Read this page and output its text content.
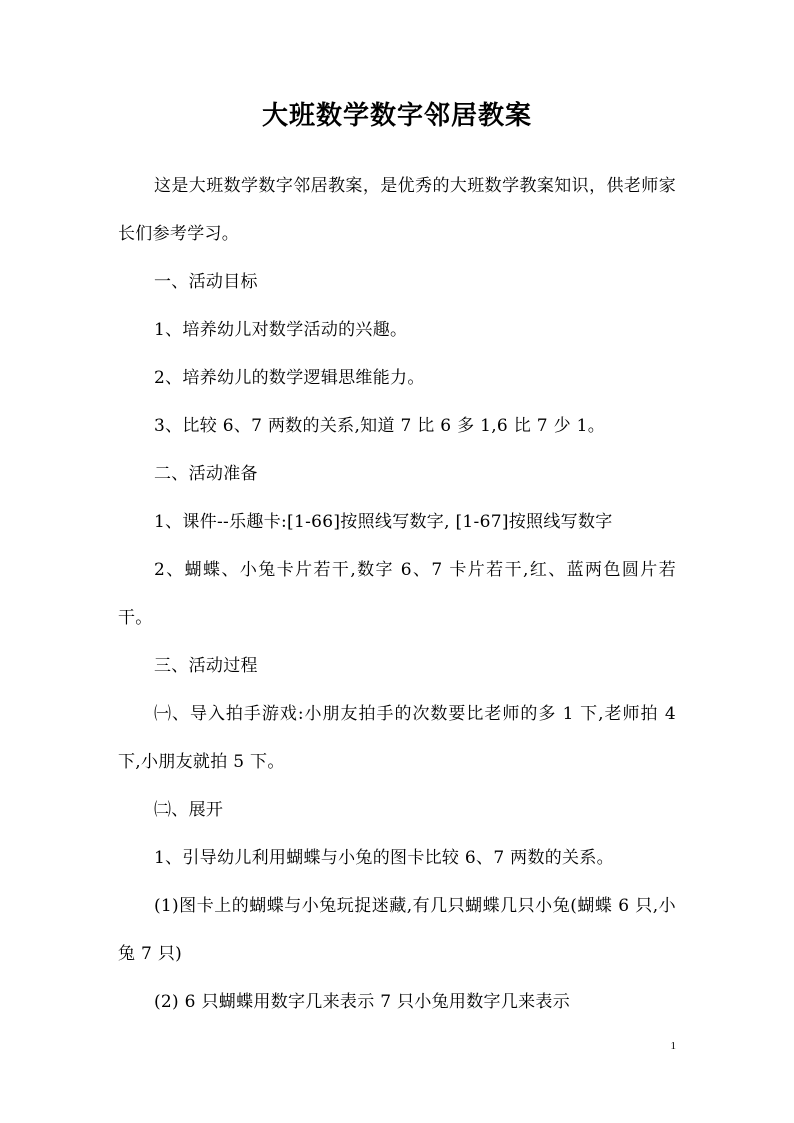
大班数学数字邻居教案

这是大班数学数字邻居教案，是优秀的大班数学教案知识，供老师家长们参考学习。

一、活动目标

1、培养幼儿对数学活动的兴趣。

2、培养幼儿的数学逻辑思维能力。

3、比较 6、7 两数的关系,知道 7 比 6 多 1,6 比 7 少 1。

二、活动准备

1、课件--乐趣卡:[1-66]按照线写数字, [1-67]按照线写数字

2、蝴蝶、小兔卡片若干,数字 6、7 卡片若干,红、蓝两色圆片若干。

三、活动过程

㈠、导入拍手游戏:小朋友拍手的次数要比老师的多 1 下,老师拍 4 下,小朋友就拍 5 下。

㈡、展开

1、引导幼儿利用蝴蝶与小兔的图卡比较 6、7 两数的关系。

(1)图卡上的蝴蝶与小兔玩捉迷藏,有几只蝴蝶几只小兔(蝴蝶 6 只,小兔 7 只)

(2) 6 只蝴蝶用数字几来表示 7 只小兔用数字几来表示

1
